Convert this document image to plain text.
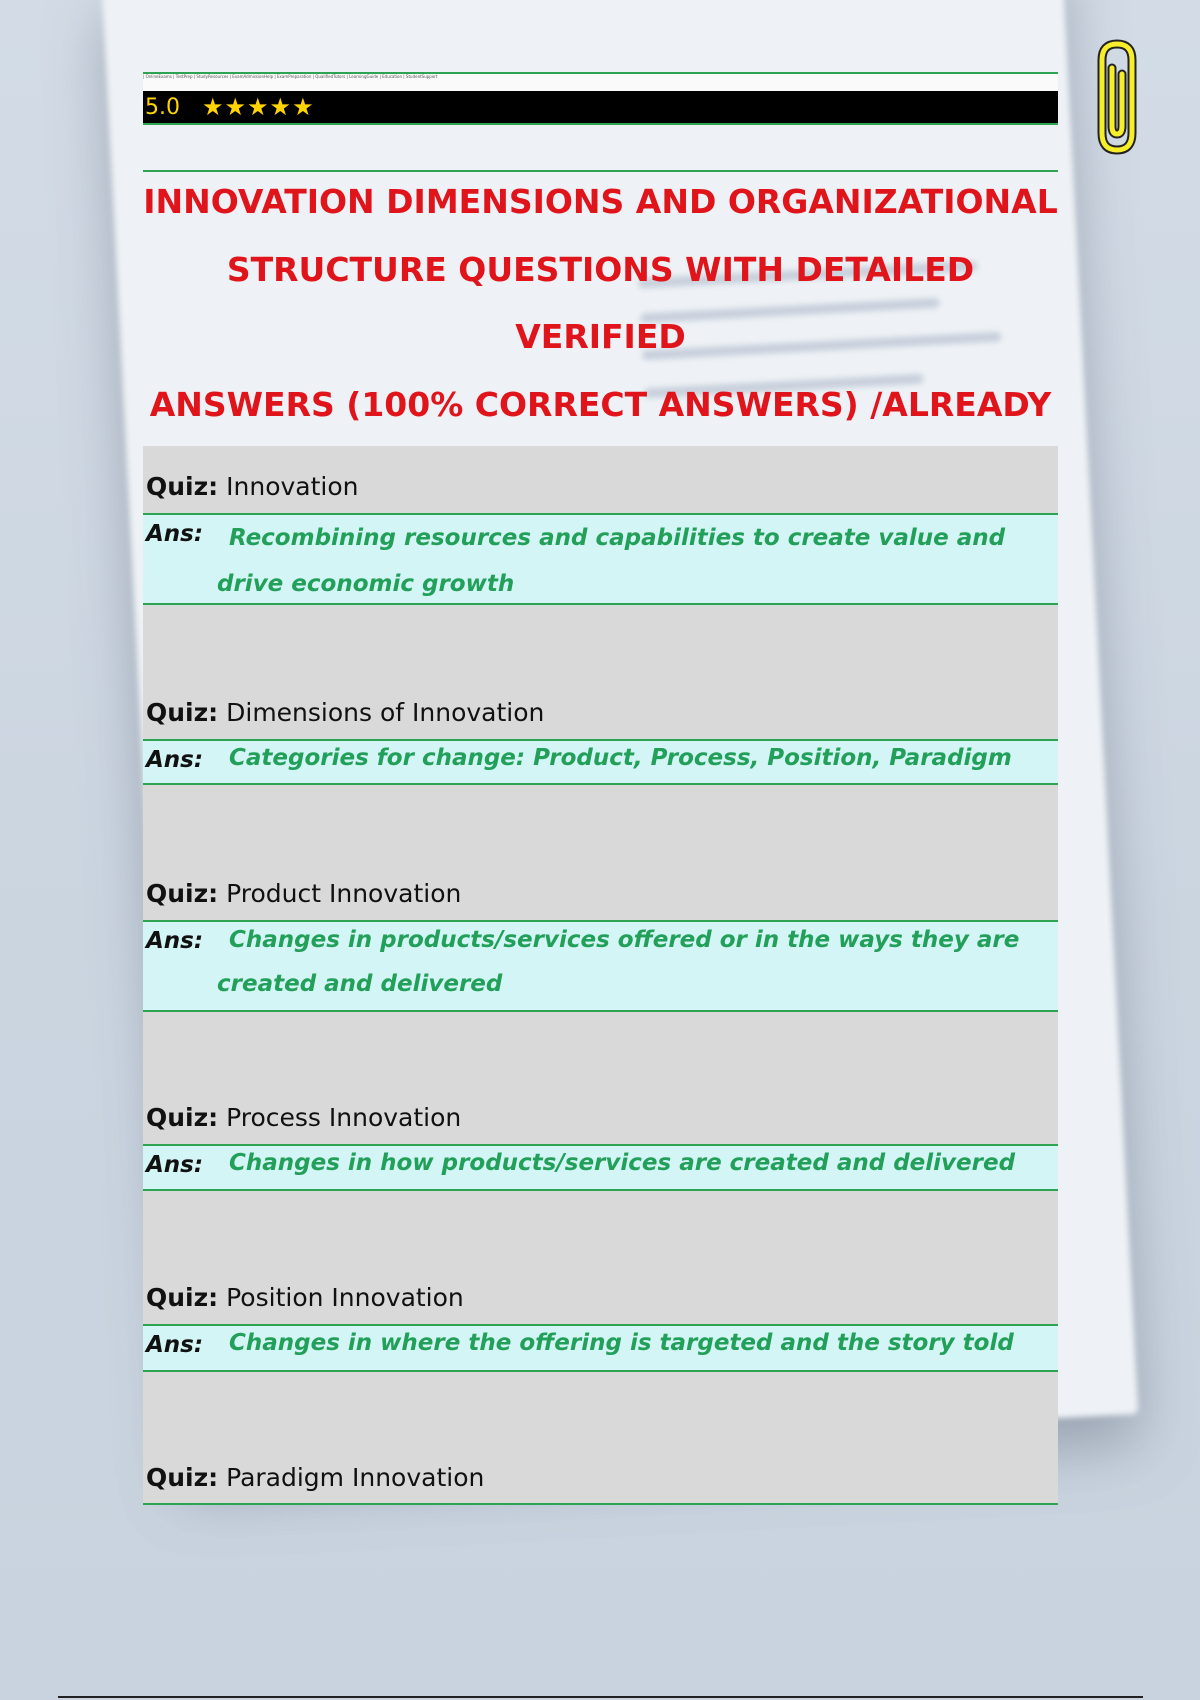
| OnlineExams | TestPrep | StudyResources | ExamAdmissionHelp | ExamPreparation | QualifiedTutors | LearningGuide | Education | StudentSupport
5.0 ★★★★★
INNOVATION DIMENSIONS AND ORGANIZATIONAL
STRUCTURE QUESTIONS WITH DETAILED VERIFIED
ANSWERS (100% CORRECT ANSWERS) /ALREADY

Quiz: Innovation
Ans:	Recombining resources and capabilities to create value and drive economic growth
Quiz: Dimensions of Innovation
Ans:	Categories for change: Product, Process, Position, Paradigm
Quiz: Product Innovation
Ans:	Changes in products/services offered or in the ways they are created and delivered
Quiz: Process Innovation
Ans:	Changes in how products/services are created and delivered
Quiz: Position Innovation
Ans:	Changes in where the offering is targeted and the story told
Quiz: Paradigm Innovation
